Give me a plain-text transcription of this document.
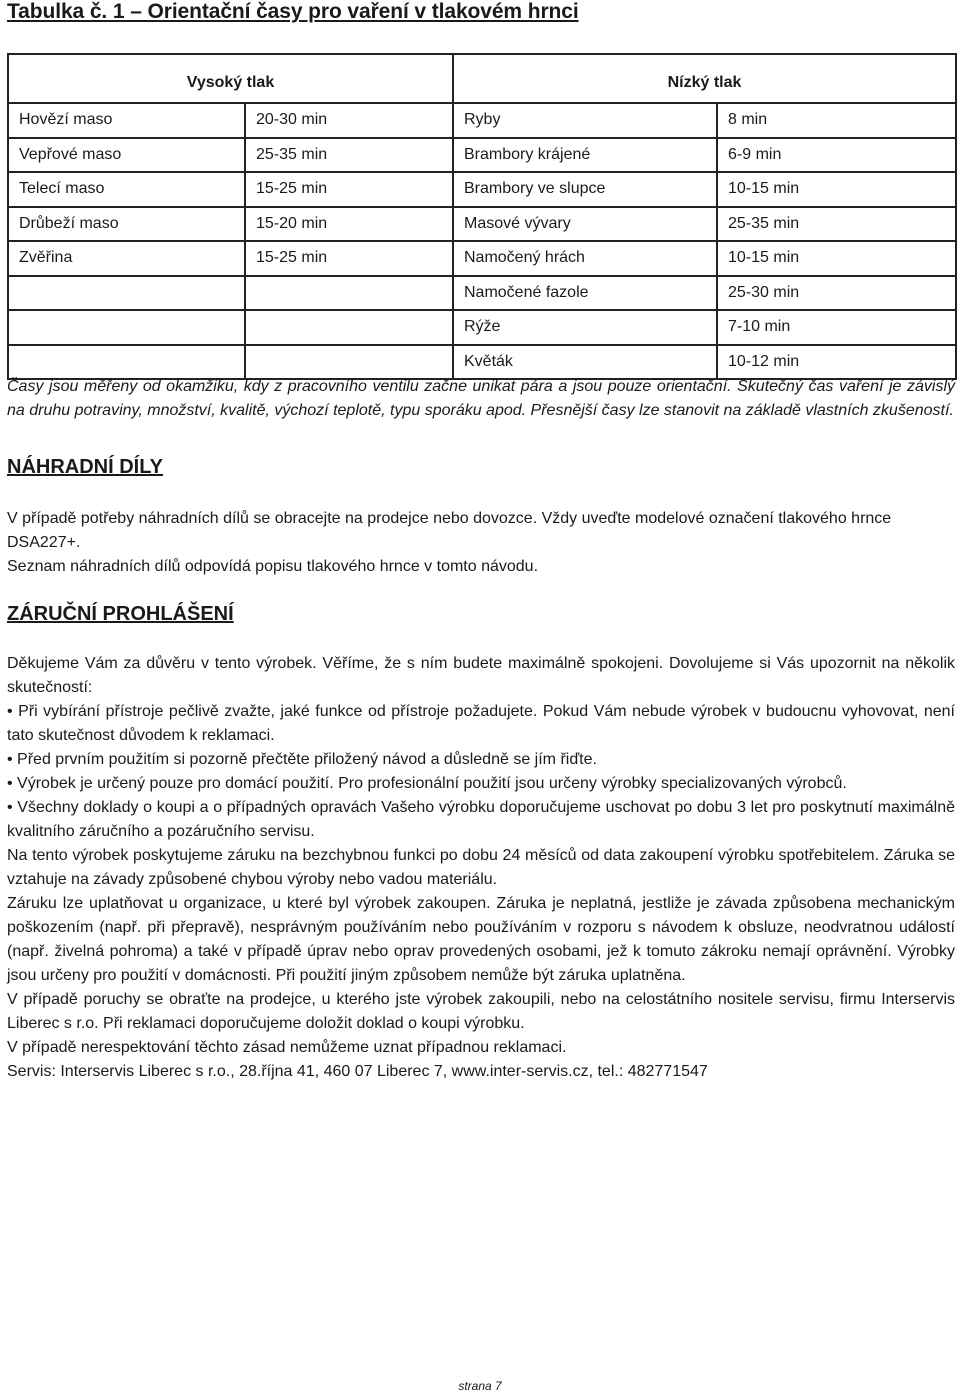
Tabulka č. 1 – Orientační časy pro vaření v tlakovém hrnci
Vysoký tlak		Nízký tlak	
Hovězí maso	20-30 min	Ryby	8 min
Vepřové maso	25-35 min	Brambory krájené	6-9 min
Telecí maso	15-25 min	Brambory ve slupce	10-15 min
Drůbeží maso	15-20 min	Masové vývary	25-35 min
Zvěřina	15-25 min	Namočený hrách	10-15 min
		Namočené fazole	25-30 min
		Rýže	7-10 min
		Květák	10-12 min
Časy jsou měřeny od okamžiku, kdy z pracovního ventilu začne unikat pára a jsou pouze orientační. Skutečný čas vaření je závislý na druhu potraviny, množství, kvalitě, výchozí teplotě, typu sporáku apod. Přesnější časy lze stanovit na základě vlastních zkušeností.
NÁHRADNÍ DÍLY

V případě potřeby náhradních dílů se obracejte na prodejce nebo dovozce. Vždy uveďte modelové označení tlakového hrnce DSA227+.

Seznam náhradních dílů odpovídá popisu tlakového hrnce v tomto návodu.

ZÁRUČNÍ PROHLÁŠENÍ

Děkujeme Vám za důvěru v tento výrobek. Věříme, že s ním budete maximálně spokojeni. Dovolujeme si Vás upozornit na několik skutečností:

• Při vybírání přístroje pečlivě zvažte, jaké funkce od přístroje požadujete. Pokud Vám nebude výrobek v budoucnu vyhovovat, není tato skutečnost důvodem k reklamaci.

• Před prvním použitím si pozorně přečtěte přiložený návod a důsledně se jím řiďte.

• Výrobek je určený pouze pro domácí použití. Pro profesionální použití jsou určeny výrobky specializovaných výrobců.

• Všechny doklady o koupi a o případných opravách Vašeho výrobku doporučujeme uschovat po dobu 3 let pro poskytnutí maximálně kvalitního záručního a pozáručního servisu.

Na tento výrobek poskytujeme záruku na bezchybnou funkci po dobu 24 měsíců od data zakoupení výrobku spotřebitelem. Záruka se vztahuje na závady způsobené chybou výroby nebo vadou materiálu.

Záruku lze uplatňovat u organizace, u které byl výrobek zakoupen. Záruka je neplatná, jestliže je závada způsobena mechanickým poškozením (např. při přepravě), nesprávným používáním nebo používáním v rozporu s návodem k obsluze, neodvratnou událostí (např. živelná pohroma) a také v případě úprav nebo oprav provedených osobami, jež k tomuto zákroku nemají oprávnění. Výrobky jsou určeny pro použití v domácnosti. Při použití jiným způsobem nemůže být záruka uplatněna.

V případě poruchy se obraťte na prodejce, u kterého jste výrobek zakoupili, nebo na celostátního nositele servisu, firmu Interservis Liberec s r.o. Při reklamaci doporučujeme doložit doklad o koupi výrobku.

V případě nerespektování těchto zásad nemůžeme uznat případnou reklamaci.

Servis: Interservis Liberec s r.o., 28.října 41, 460 07 Liberec 7, www.inter-servis.cz, tel.: 482771547

strana 7
